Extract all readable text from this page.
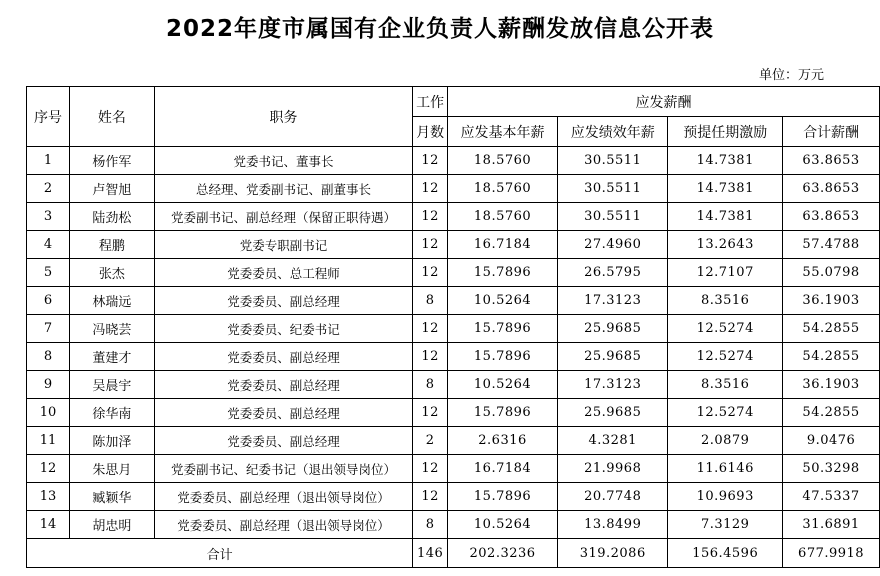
2022年度市属国有企业负责人薪酬发放信息公开表
单位：万元
序号	姓名	职务	工作	应发薪酬			
			月数	应发基本年薪	应发绩效年薪	预提任期激励	合计薪酬
1	杨作军	党委书记、董事长	12	18.5760	30.5511	14.7381	63.8653
2	卢智旭	总经理、党委副书记、副董事长	12	18.5760	30.5511	14.7381	63.8653
3	陆劲松	党委副书记、副总经理（保留正职待遇）	12	18.5760	30.5511	14.7381	63.8653
4	程鹏	党委专职副书记	12	16.7184	27.4960	13.2643	57.4788
5	张杰	党委委员、总工程师	12	15.7896	26.5795	12.7107	55.0798
6	林瑞远	党委委员、副总经理	8	10.5264	17.3123	8.3516	36.1903
7	冯晓芸	党委委员、纪委书记	12	15.7896	25.9685	12.5274	54.2855
8	董建才	党委委员、副总经理	12	15.7896	25.9685	12.5274	54.2855
9	吴晨宇	党委委员、副总经理	8	10.5264	17.3123	8.3516	36.1903
10	徐华南	党委委员、副总经理	12	15.7896	25.9685	12.5274	54.2855
11	陈加泽	党委委员、副总经理	2	2.6316	4.3281	2.0879	9.0476
12	朱思月	党委副书记、纪委书记（退出领导岗位）	12	16.7184	21.9968	11.6146	50.3298
13	臧颖华	党委委员、副总经理（退出领导岗位）	12	15.7896	20.7748	10.9693	47.5337
14	胡忠明	党委委员、副总经理（退出领导岗位）	8	10.5264	13.8499	7.3129	31.6891
合计			146	202.3236	319.2086	156.4596	677.9918
